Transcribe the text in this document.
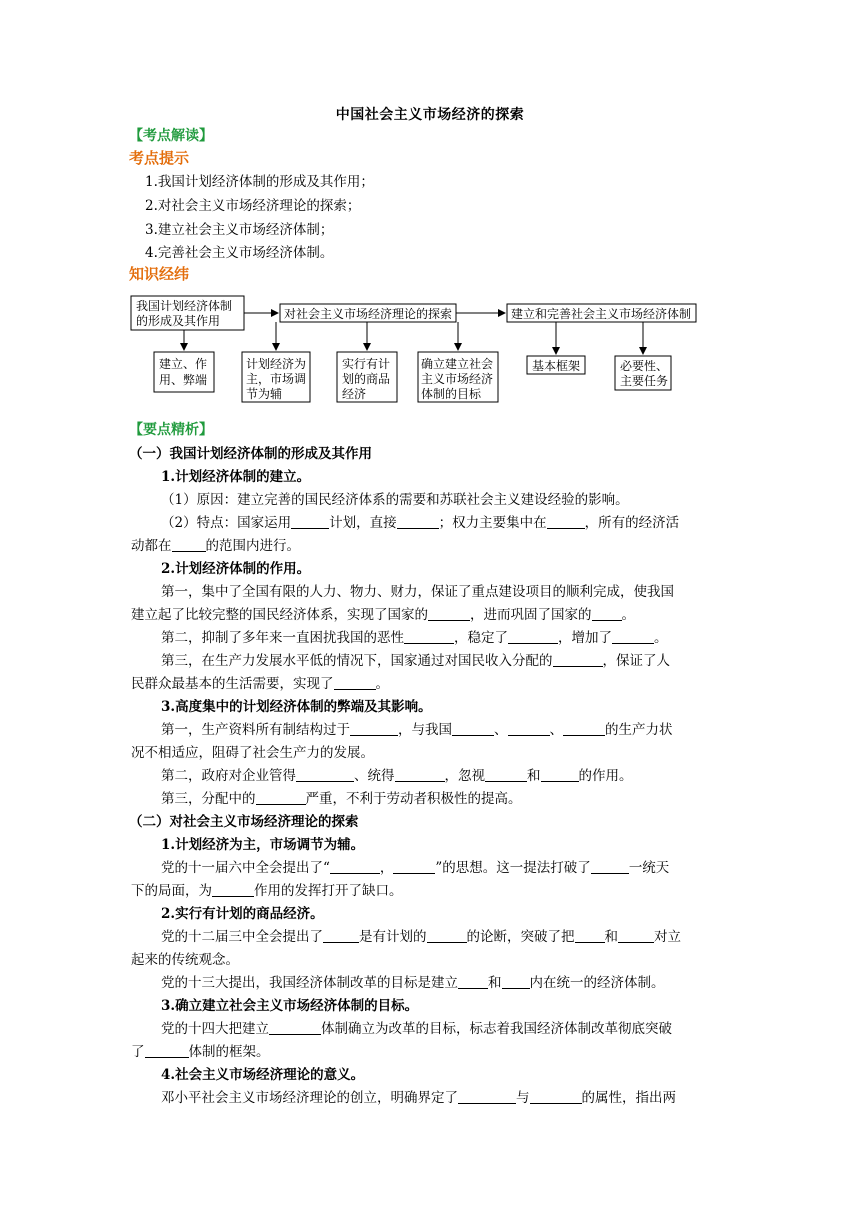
中国社会主义市场经济的探索
【考点解读】
考点提示
1.我国计划经济体制的形成及其作用；
2.对社会主义市场经济理论的探索；
3.建立社会主义市场经济体制；
4.完善社会主义市场经济体制。
知识经纬
我国计划经济体制
的形成及其作用	对社会主义市场经济理论的探索	建立和完善社会主义市场经济体制
建立、作
用、弊端
计划经济为
主，市场调
节为辅
实行有计
划的商品
经济
确立建立社会
主义市场经济
体制的目标
基本框架	必要性、
主要任务
【要点精析】
（一）我国计划经济体制的形成及其作用
1.计划经济体制的建立。
（1）原因：建立完善的国民经济体系的需要和苏联社会主义建设经验的影响。
（2）特点：国家运用	计划，直接	；权力主要集中在	，所有的经济活
动都在	的范围内进行。
2.计划经济体制的作用。
第一，集中了全国有限的人力、物力、财力，保证了重点建设项目的顺利完成，使我国
建立起了比较完整的国民经济体系，实现了国家的	，进而巩固了国家的 。
第二，抑制了多年来一直困扰我国的恶性	，稳定了	，增加了	。
第三，在生产力发展水平低的情况下，国家通过对国民收入分配的	，保证了人
民群众最基本的生活需要，实现了	。
3.高度集中的计划经济体制的弊端及其影响。
第一，生产资料所有制结构过于	，与我国	、	、	的生产力状
况不相适应，阻碍了社会生产力的发展。
第二，政府对企业管得	、统得	，忽视	和	的作用。
第三，分配中的	严重，不利于劳动者积极性的提高。
（二）对社会主义市场经济理论的探索
1.计划经济为主，市场调节为辅。
党的十一届六中全会提出了“	，	”的思想。这一提法打破了	一统天
下的局面，为	作用的发挥打开了缺口。
2.实行有计划的商品经济。
党的十二届三中全会提出了	是有计划的	的论断，突破了把 和	对立
起来的传统观念。
党的十三大提出，我国经济体制改革的目标是建立 和 内在统一的经济体制。
3.确立建立社会主义市场经济体制的目标。
党的十四大把建立	体制确立为改革的目标，标志着我国经济体制改革彻底突破
了	体制的框架。
4.社会主义市场经济理论的意义。
邓小平社会主义市场经济理论的创立，明确界定了	与	的属性，指出两
